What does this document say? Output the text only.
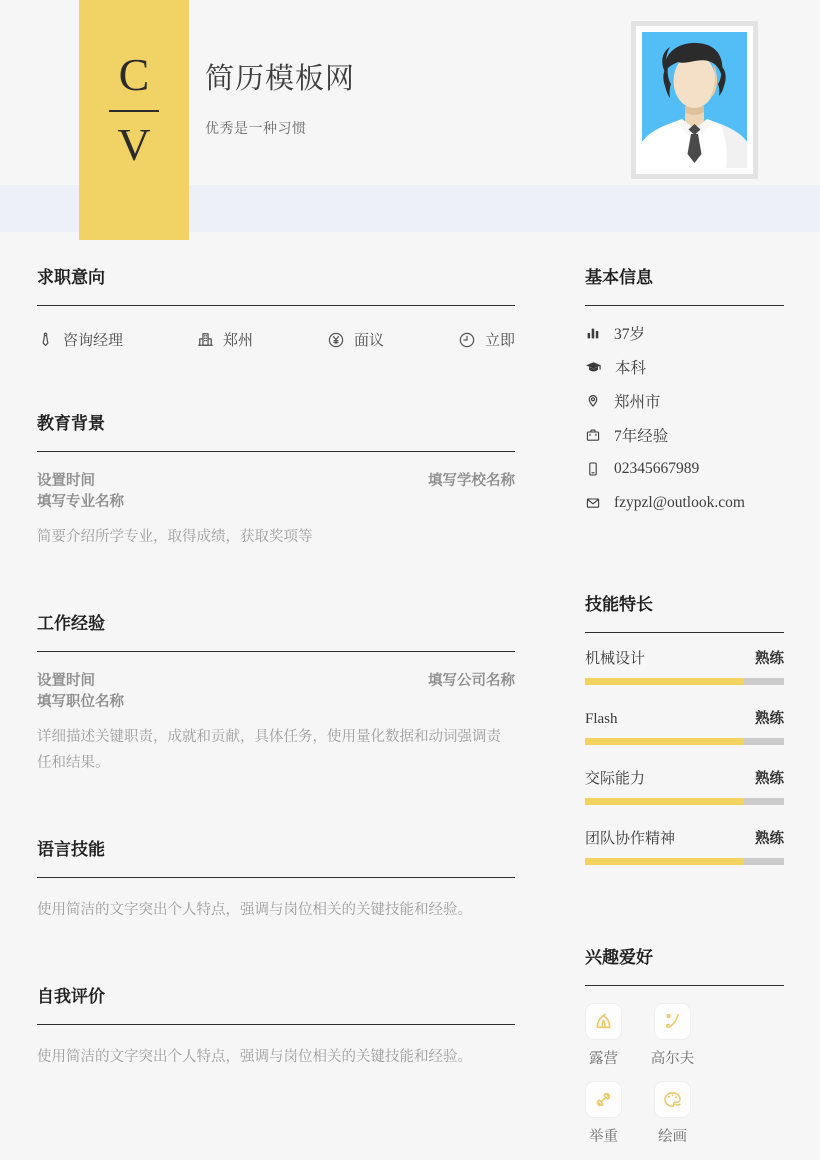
C
V
简历模板网
优秀是一种习惯
求职意向
咨询经理	郑州	面议	立即
教育背景
设置时间	填写学校名称
填写专业名称
简要介绍所学专业，取得成绩，获取奖项等
工作经验
设置时间	填写公司名称
填写职位名称
详细描述关键职责，成就和贡献，具体任务，使用量化数据和动词强调责任和结果。
语言技能
使用简洁的文字突出个人特点，强调与岗位相关的关键技能和经验。
自我评价
使用简洁的文字突出个人特点，强调与岗位相关的关键技能和经验。
基本信息
37岁
本科
郑州市
7年经验
02345667989
fzypzl@outlook.com
技能特长
机械设计	熟练
Flash	熟练
交际能力	熟练
团队协作精神	熟练
兴趣爱好
露营 高尔夫
举重	绘画
